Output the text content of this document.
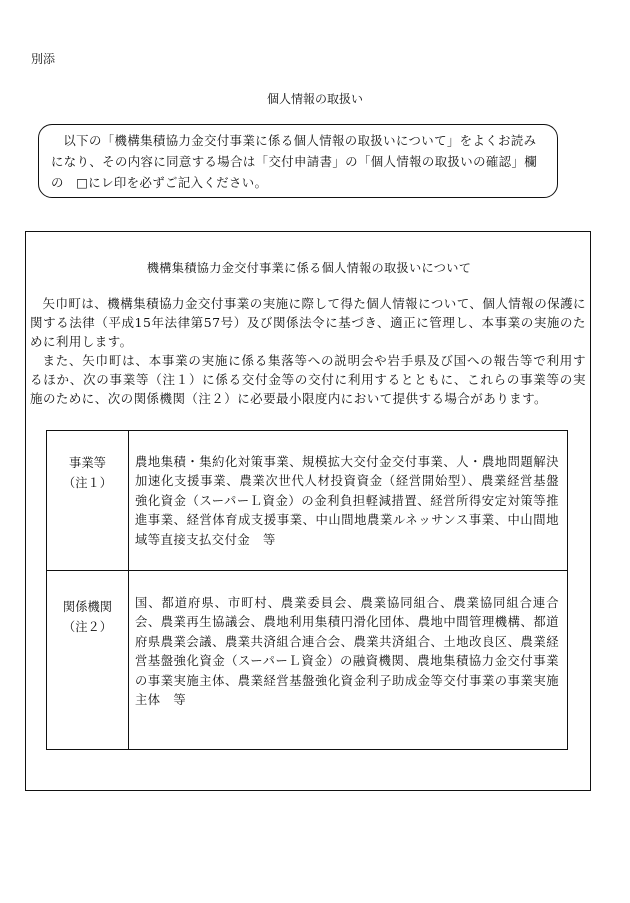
別添
個人情報の取扱い
以下の「機構集積協力金交付事業に係る個人情報の取扱いについて」をよくお読みになり、その内容に同意する場合は「交付申請書」の「個人情報の取扱いの確認」欄の □にレ印を必ずご記入ください。
機構集積協力金交付事業に係る個人情報の取扱いについて
矢巾町は、機構集積協力金交付事業の実施に際して得た個人情報について、個人情報の保護に関する法律（平成15年法律第57号）及び関係法令に基づき、適正に管理し、本事業の実施のために利用します。
また、矢巾町は、本事業の実施に係る集落等への説明会や岩手県及び国への報告等で利用するほか、次の事業等（注１）に係る交付金等の交付に利用するとともに、これらの事業等の実施のために、次の関係機関（注２）に必要最小限度内において提供する場合があります。
事業等
（注１）
農地集積・集約化対策事業、規模拡大交付金交付事業、人・農地問題解決加速化支援事業、農業次世代人材投資資金（経営開始型）、農業経営基盤強化資金（スーパーＬ資金）の金利負担軽減措置、経営所得安定対策等推進事業、経営体育成支援事業、中山間地農業ルネッサンス事業、中山間地域等直接支払交付金　等
関係機関
（注２）
国、都道府県、市町村、農業委員会、農業協同組合、農業協同組合連合会、農業再生協議会、農地利用集積円滑化団体、農地中間管理機構、都道府県農業会議、農業共済組合連合会、農業共済組合、土地改良区、農業経営基盤強化資金（スーパーＬ資金）の融資機関、農地集積協力金交付事業の事業実施主体、農業経営基盤強化資金利子助成金等交付事業の事業実施主体　等
